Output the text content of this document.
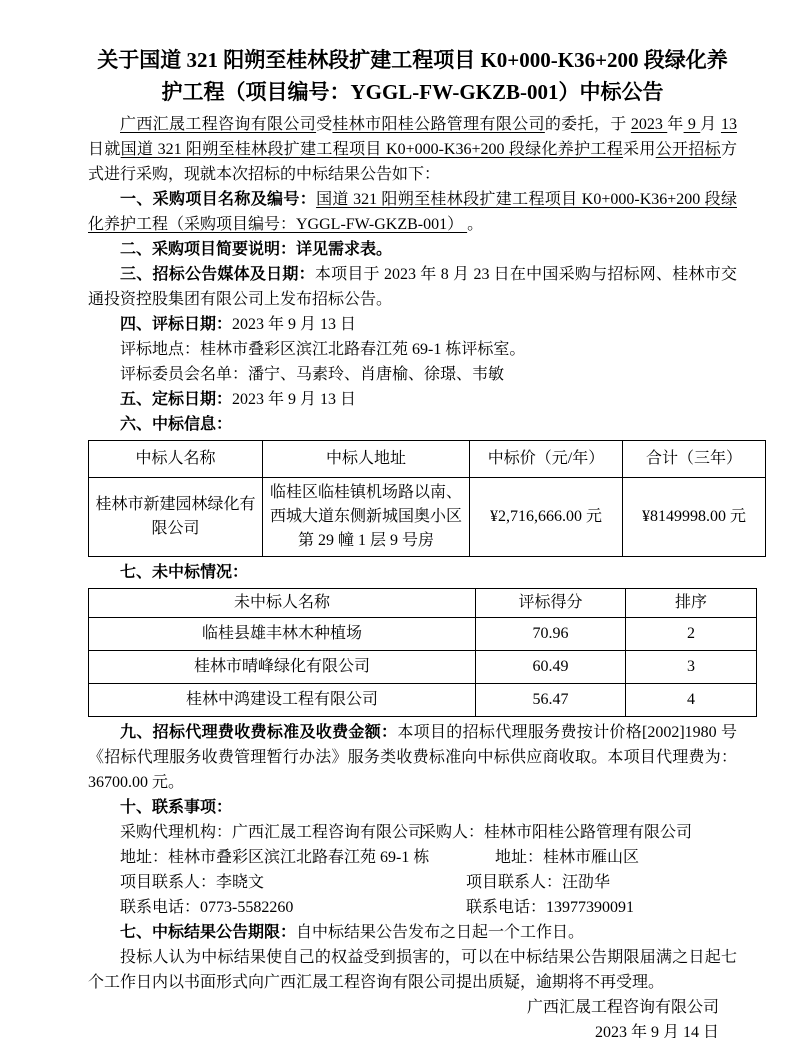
关于国道 321 阳朔至桂林段扩建工程项目 K0+000-K36+200 段绿化养护工程（项目编号：YGGL-FW-GKZB-001）中标公告

广西汇晟工程咨询有限公司受桂林市阳桂公路管理有限公司的委托，于 2023 年 9 月 13 日就国道 321 阳朔至桂林段扩建工程项目 K0+000-K36+200 段绿化养护工程采用公开招标方式进行采购，现就本次招标的中标结果公告如下：

一、采购项目名称及编号：国道 321 阳朔至桂林段扩建工程项目 K0+000-K36+200 段绿化养护工程（采购项目编号：YGGL-FW-GKZB-001） 。

二、采购项目简要说明：详见需求表。

三、招标公告媒体及日期：本项目于 2023 年 8 月 23 日在中国采购与招标网、桂林市交通投资控股集团有限公司上发布招标公告。

四、评标日期：2023 年 9 月 13 日

评标地点：桂林市叠彩区滨江北路春江苑 69-1 栋评标室。

评标委员会名单：潘宁、马素玲、肖唐榆、徐璟、韦敏

五、定标日期：2023 年 9 月 13 日

六、中标信息：

中标人名称	中标人地址	中标价（元/年）	合计（三年）
桂林市新建园林绿化有限公司	临桂区临桂镇机场路以南、西城大道东侧新城国奥小区第 29 幢 1 层 9 号房	¥2,716,666.00 元	¥8149998.00 元

七、未中标情况：

未中标人名称	评标得分	排序
临桂县雄丰林木种植场	70.96	2
桂林市晴峰绿化有限公司	60.49	3
桂林中鸿建设工程有限公司	56.47	4

九、招标代理费收费标准及收费金额：本项目的招标代理服务费按计价格[2002]1980 号《招标代理服务收费管理暂行办法》服务类收费标准向中标供应商收取。本项目代理费为：36700.00 元。

十、联系事项：

采购代理机构：广西汇晟工程咨询有限公司
采购人：桂林市阳桂公路管理有限公司
地址：桂林市叠彩区滨江北路春江苑 69-1 栋	地址：桂林市雁山区
项目联系人：李晓文	项目联系人：汪劭华
联系电话：0773-5582260	联系电话：13977390091

七、中标结果公告期限：自中标结果公告发布之日起一个工作日。

投标人认为中标结果使自己的权益受到损害的，可以在中标结果公告期限届满之日起七个工作日内以书面形式向广西汇晟工程咨询有限公司提出质疑，逾期将不再受理。

广西汇晟工程咨询有限公司

2023 年 9 月 14 日
